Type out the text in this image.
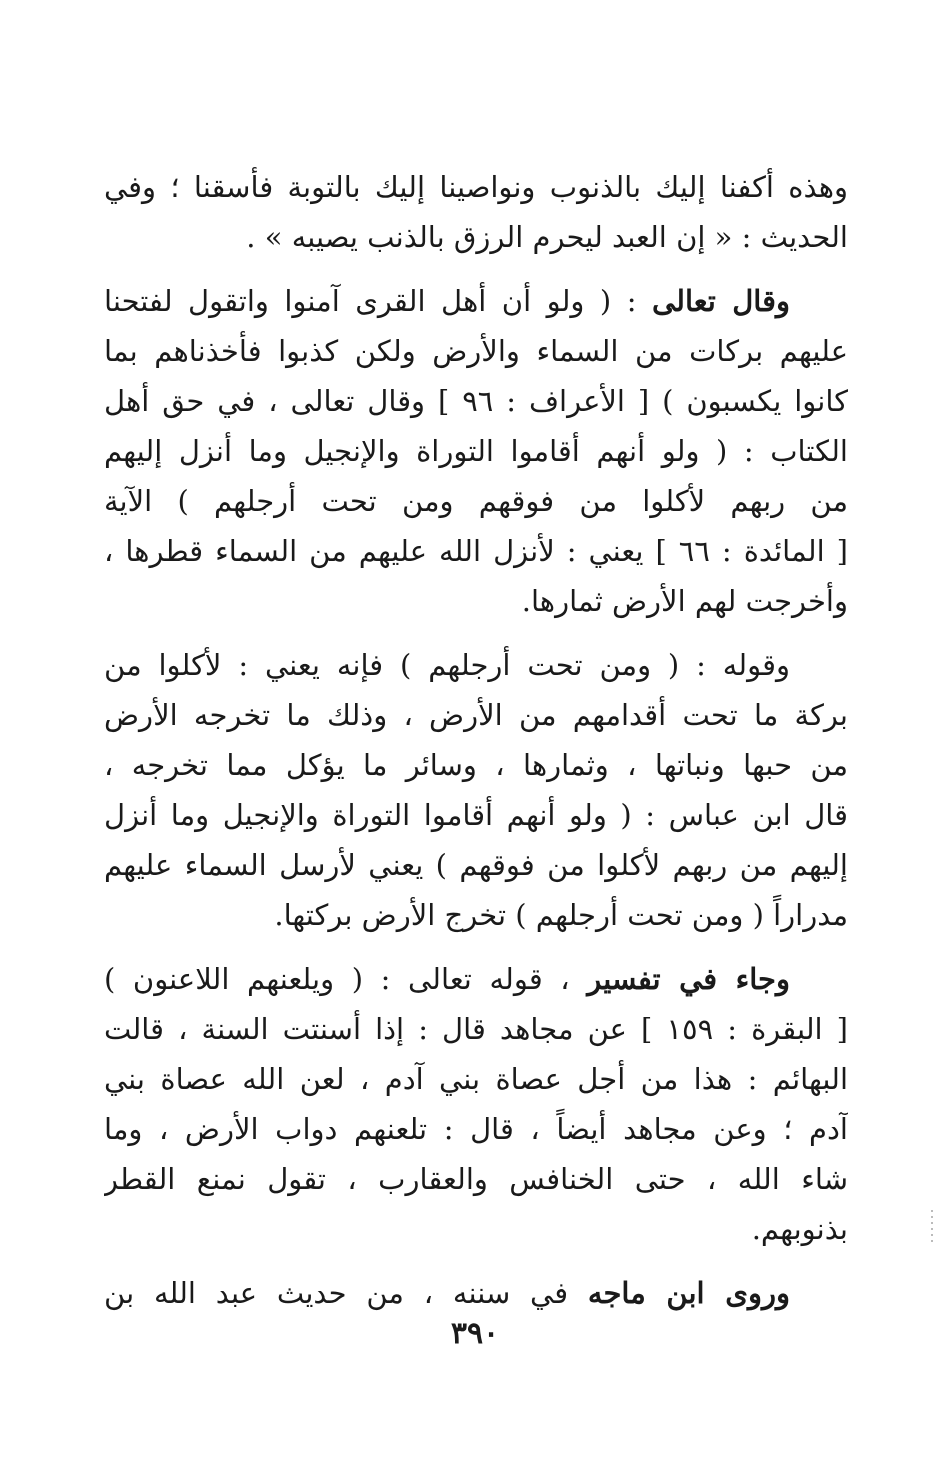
وهذه أكفنا إليك بالذنوب ونواصينا إليك بالتوبة فأسقنا ؛ وفي
الحديث : « إن العبد ليحرم الرزق بالذنب يصيبه » .
وقال تعالى : ( ولو أن أهل القرى آمنوا واتقول لفتحنا
عليهم بركات من السماء والأرض ولكن كذبوا فأخذناهم بما
كانوا يكسبون ) [ الأعراف : ٩٦ ] وقال تعالى ، في حق أهل
الكتاب : ( ولو أنهم أقاموا التوراة والإنجيل وما أنزل إليهم
من ربهم لأكلوا من فوقهم ومن تحت أرجلهم ) الآية
[ المائدة : ٦٦ ] يعني : لأنزل الله عليهم من السماء قطرها ،
وأخرجت لهم الأرض ثمارها.
وقوله : ( ومن تحت أرجلهم ) فإنه يعني : لأكلوا من
بركة ما تحت أقدامهم من الأرض ، وذلك ما تخرجه الأرض
من حبها ونباتها ، وثمارها ، وسائر ما يؤكل مما تخرجه ،
قال ابن عباس : ( ولو أنهم أقاموا التوراة والإنجيل وما أنزل
إليهم من ربهم لأكلوا من فوقهم ) يعني لأرسل السماء عليهم
مدراراً ( ومن تحت أرجلهم ) تخرج الأرض بركتها.
وجاء في تفسير ، قوله تعالى : ( ويلعنهم اللاعنون )
[ البقرة : ١٥٩ ] عن مجاهد قال : إذا أسنتت السنة ، قالت
البهائم : هذا من أجل عصاة بني آدم ، لعن الله عصاة بني
آدم ؛ وعن مجاهد أيضاً ، قال : تلعنهم دواب الأرض ، وما
شاء الله ، حتى الخنافس والعقارب ، تقول نمنع القطر
بذنوبهم.
وروى ابن ماجه في سننه ، من حديث عبد الله بن
٣٩٠
